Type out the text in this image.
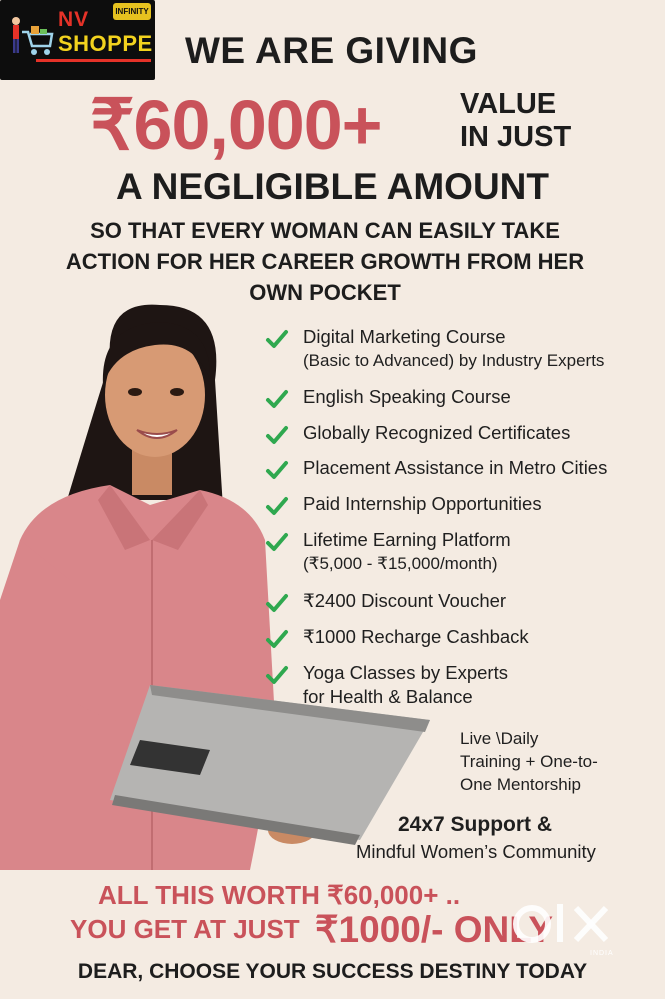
INFINITY
NV
SHOPPE WE ARE GIVING
₹60,000+	VALUE
IN JUST
A NEGLIGIBLE AMOUNT
SO THAT EVERY WOMAN CAN EASILY TAKE
ACTION FOR HER CAREER GROWTH FROM HER
OWN POCKET
Digital Marketing Course
(Basic to Advanced) by Industry Experts
English Speaking Course
Globally Recognized Certificates
Placement Assistance in Metro Cities
Paid Internship Opportunities
Lifetime Earning Platform
(₹5,000 - ₹15,000/month)
₹2400 Discount Voucher
₹1000 Recharge Cashback
Yoga Classes by Experts
for Health & Balance
Live \Daily
Training + One-to-
One Mentorship
24x7 Support &
Mindful Women’s Community
ALL THIS WORTH ₹60,000+ ..
YOU GET AT JUST ₹1000/- ONLY
INDIA
DEAR, CHOOSE YOUR SUCCESS DESTINY TODAY
